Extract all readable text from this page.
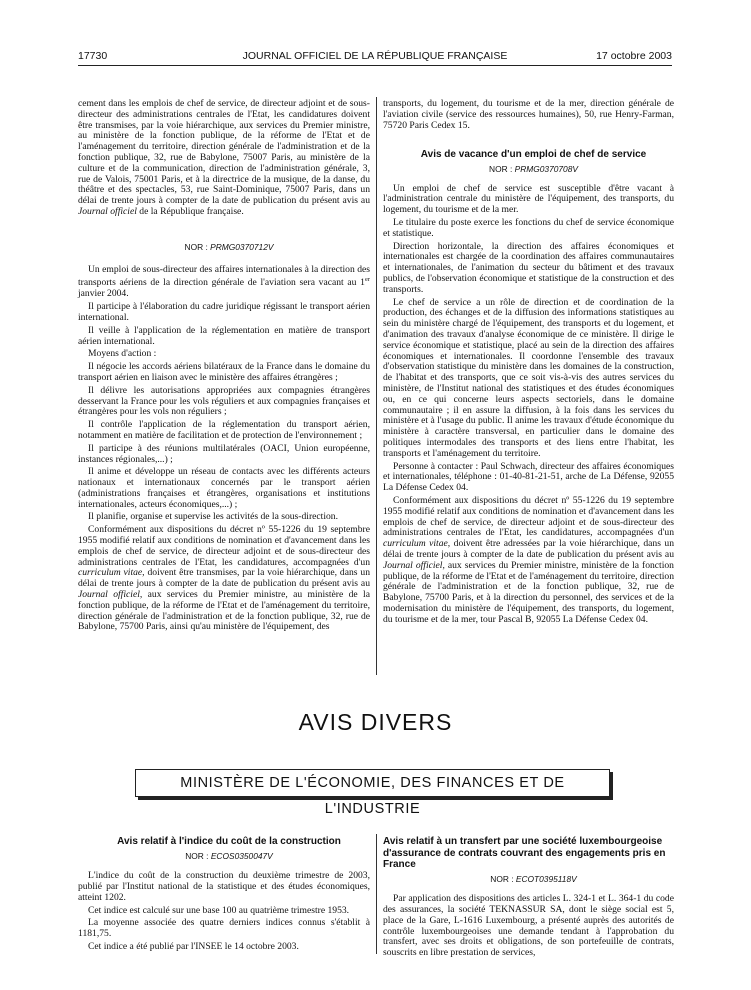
17730	JOURNAL OFFICIEL DE LA RÉPUBLIQUE FRANÇAISE	17 octobre 2003

cement dans les emplois de chef de service, de directeur adjoint et de sous-directeur des administrations centrales de l'Etat, les candidatures doivent être transmises, par la voie hiérarchique, aux services du Premier ministre, au ministère de la fonction publique, de la réforme de l'Etat et de l'aménagement du territoire, direction générale de l'administration et de la fonction publique, 32, rue de Babylone, 75007 Paris, au ministère de la culture et de la communication, direction de l'administration générale, 3, rue de Valois, 75001 Paris, et à la directrice de la musique, de la danse, du théâtre et des spectacles, 53, rue Saint-Dominique, 75007 Paris, dans un délai de trente jours à compter de la date de publication du présent avis au Journal officiel de la République française.

NOR : PRMG0370712V

Un emploi de sous-directeur des affaires internationales à la direction des transports aériens de la direction générale de l'aviation sera vacant au 1er janvier 2004.

Il participe à l'élaboration du cadre juridique régissant le transport aérien international.

Il veille à l'application de la réglementation en matière de transport aérien international.

Moyens d'action :

Il négocie les accords aériens bilatéraux de la France dans le domaine du transport aérien en liaison avec le ministère des affaires étrangères ;

Il délivre les autorisations appropriées aux compagnies étrangères desservant la France pour les vols réguliers et aux compagnies françaises et étrangères pour les vols non réguliers ;

Il contrôle l'application de la réglementation du transport aérien, notamment en matière de facilitation et de protection de l'environnement ;

Il participe à des réunions multilatérales (OACI, Union européenne, instances régionales,...) ;

Il anime et développe un réseau de contacts avec les différents acteurs nationaux et internationaux concernés par le transport aérien (administrations françaises et étrangères, organisations et institutions internationales, acteurs économiques,...) ;

Il planifie, organise et supervise les activités de la sous-direction.

Conformément aux dispositions du décret nº 55-1226 du 19 septembre 1955 modifié relatif aux conditions de nomination et d'avancement dans les emplois de chef de service, de directeur adjoint et de sous-directeur des administrations centrales de l'Etat, les candidatures, accompagnées d'un curriculum vitae, doivent être transmises, par la voie hiérarchique, dans un délai de trente jours à compter de la date de publication du présent avis au Journal officiel, aux services du Premier ministre, au ministère de la fonction publique, de la réforme de l'Etat et de l'aménagement du territoire, direction générale de l'administration et de la fonction publique, 32, rue de Babylone, 75700 Paris, ainsi qu'au ministère de l'équipement, des

transports, du logement, du tourisme et de la mer, direction générale de l'aviation civile (service des ressources humaines), 50, rue Henry-Farman, 75720 Paris Cedex 15.

Avis de vacance d'un emploi de chef de service

NOR : PRMG0370708V

Un emploi de chef de service est susceptible d'être vacant à l'administration centrale du ministère de l'équipement, des transports, du logement, du tourisme et de la mer.

Le titulaire du poste exerce les fonctions du chef de service économique et statistique.

Direction horizontale, la direction des affaires économiques et internationales est chargée de la coordination des affaires communautaires et internationales, de l'animation du secteur du bâtiment et des travaux publics, de l'observation économique et statistique de la construction et des transports.

Le chef de service a un rôle de direction et de coordination de la production, des échanges et de la diffusion des informations statistiques au sein du ministère chargé de l'équipement, des transports et du logement, et d'animation des travaux d'analyse économique de ce ministère. Il dirige le service économique et statistique, placé au sein de la direction des affaires économiques et internationales. Il coordonne l'ensemble des travaux d'observation statistique du ministère dans les domaines de la construction, de l'habitat et des transports, que ce soit vis-à-vis des autres services du ministère, de l'Institut national des statistiques et des études économiques ou, en ce qui concerne leurs aspects sectoriels, dans le domaine communautaire ; il en assure la diffusion, à la fois dans les services du ministère et à l'usage du public. Il anime les travaux d'étude économique du ministère à caractère transversal, en particulier dans le domaine des politiques intermodales des transports et des liens entre l'habitat, les transports et l'aménagement du territoire.

Personne à contacter : Paul Schwach, directeur des affaires économiques et internationales, téléphone : 01-40-81-21-51, arche de La Défense, 92055 La Défense Cedex 04.

Conformément aux dispositions du décret nº 55-1226 du 19 septembre 1955 modifié relatif aux conditions de nomination et d'avancement dans les emplois de chef de service, de directeur adjoint et de sous-directeur des administrations centrales de l'Etat, les candidatures, accompagnées d'un curriculum vitae, doivent être adressées par la voie hiérarchique, dans un délai de trente jours à compter de la date de publication du présent avis au Journal officiel, aux services du Premier ministre, ministère de la fonction publique, de la réforme de l'Etat et de l'aménagement du territoire, direction générale de l'administration et de la fonction publique, 32, rue de Babylone, 75700 Paris, et à la direction du personnel, des services et de la modernisation du ministère de l'équipement, des transports, du logement, du tourisme et de la mer, tour Pascal B, 92055 La Défense Cedex 04.

AVIS DIVERS
MINISTÈRE DE L'ÉCONOMIE, DES FINANCES ET DE L'INDUSTRIE

Avis relatif à l'indice du coût de la construction

NOR : ECOS0350047V

L'indice du coût de la construction du deuxième trimestre de 2003, publié par l'Institut national de la statistique et des études économiques, atteint 1202.

Cet indice est calculé sur une base 100 au quatrième trimestre 1953.

La moyenne associée des quatre derniers indices connus s'établit à 1181,75.

Cet indice a été publié par l'INSEE le 14 octobre 2003.

Avis relatif à un transfert par une société luxembourgeoise d'assurance de contrats couvrant des engagements pris en France

NOR : ECOT0395118V

Par application des dispositions des articles L. 324-1 et L. 364-1 du code des assurances, la société TEKNASSUR SA, dont le siège social est 5, place de la Gare, L-1616 Luxembourg, a présenté auprès des autorités de contrôle luxembourgeoises une demande tendant à l'approbation du transfert, avec ses droits et obligations, de son portefeuille de contrats, souscrits en libre prestation de services,
